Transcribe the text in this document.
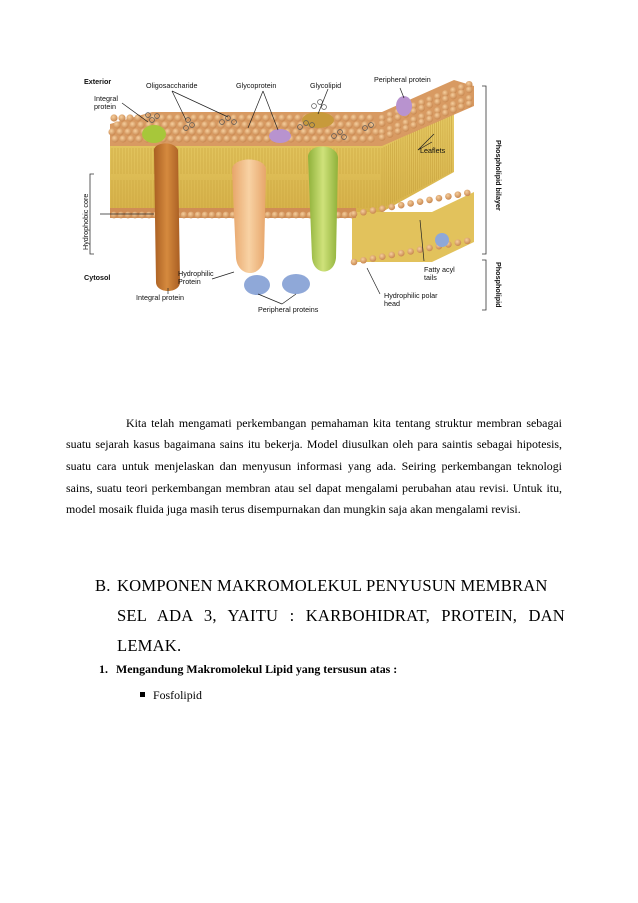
Exterior
Integral
protein
Oligosaccharide	Glycoprotein	Glycolipid
Peripheral protein
Leaflets
Hydrophobic core
Phospholipid bilayer
Phospholipid
Cytosol	Hydrophilic
Protein
Integral protein
Peripheral proteins
Fatty acyl
tails
Hydrophilic polar
head

Kita telah mengamati perkembangan pemahaman kita tentang struktur membran sebagai suatu sejarah kasus bagaimana sains itu bekerja. Model diusulkan oleh para saintis sebagai hipotesis, suatu cara untuk menjelaskan dan menyusun informasi yang ada. Seiring perkembangan teknologi sains, suatu teori perkembangan membran atau sel dapat mengalami perubahan atau revisi. Untuk itu, model mosaik fluida juga masih terus disempurnakan dan mungkin saja akan mengalami revisi.

B. KOMPONEN MAKROMOLEKUL PENYUSUN MEMBRAN
SEL ADA 3, YAITU : KARBOHIDRAT, PROTEIN, DAN
LEMAK.
1. Mengandung Makromolekul Lipid yang tersusun atas :
Fosfolipid
